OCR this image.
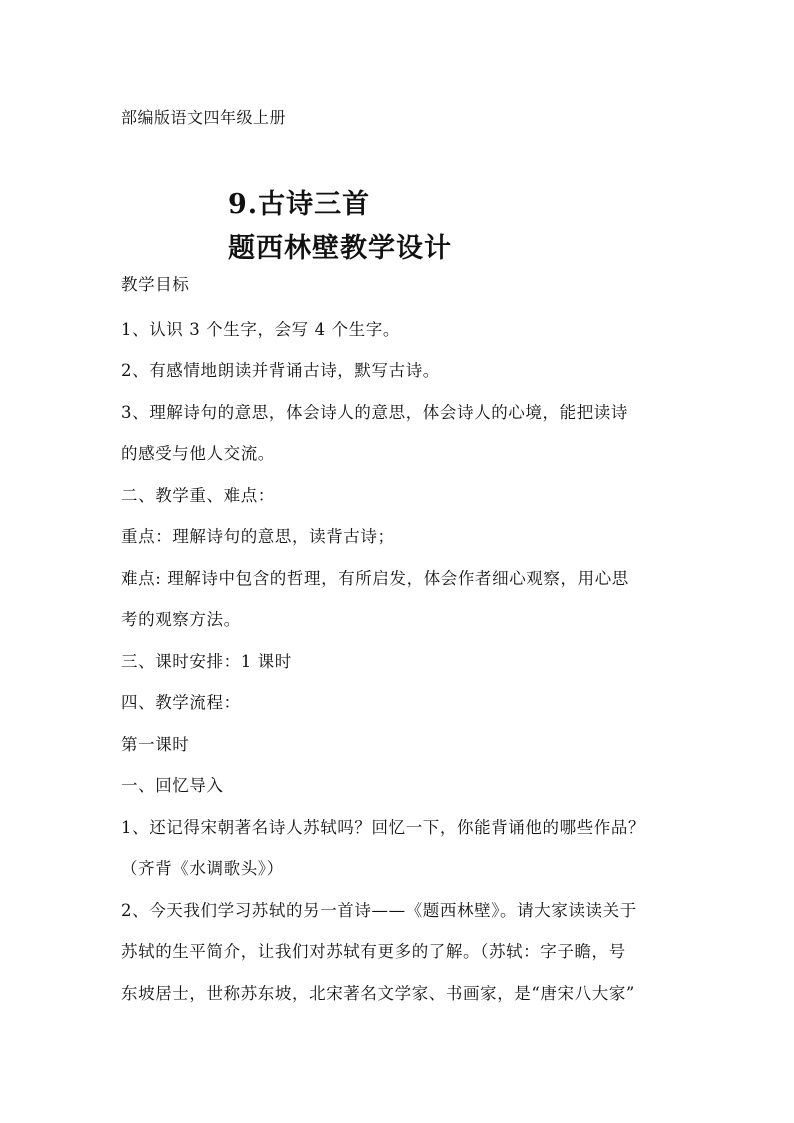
部编版语文四年级上册
9.古诗三首
题西林壁教学设计
教学目标
1、认识 3 个生字，会写 4 个生字。
2、有感情地朗读并背诵古诗，默写古诗。
3、理解诗句的意思，体会诗人的意思，体会诗人的心境，能把读诗
的感受与他人交流。
二、教学重、难点：
重点：理解诗句的意思，读背古诗；
难点: 理解诗中包含的哲理，有所启发，体会作者细心观察，用心思
考的观察方法。
三、课时安排：1 课时
四、教学流程：
第一课时
一、回忆导入
1、还记得宋朝著名诗人苏轼吗？回忆一下，你能背诵他的哪些作品？
（齐背《水调歌头》）
2、今天我们学习苏轼的另一首诗——《题西林壁》。请大家读读关于
苏轼的生平简介，让我们对苏轼有更多的了解。（苏轼：字子瞻，号
东坡居士，世称苏东坡，北宋著名文学家、书画家，是“唐宋八大家”
